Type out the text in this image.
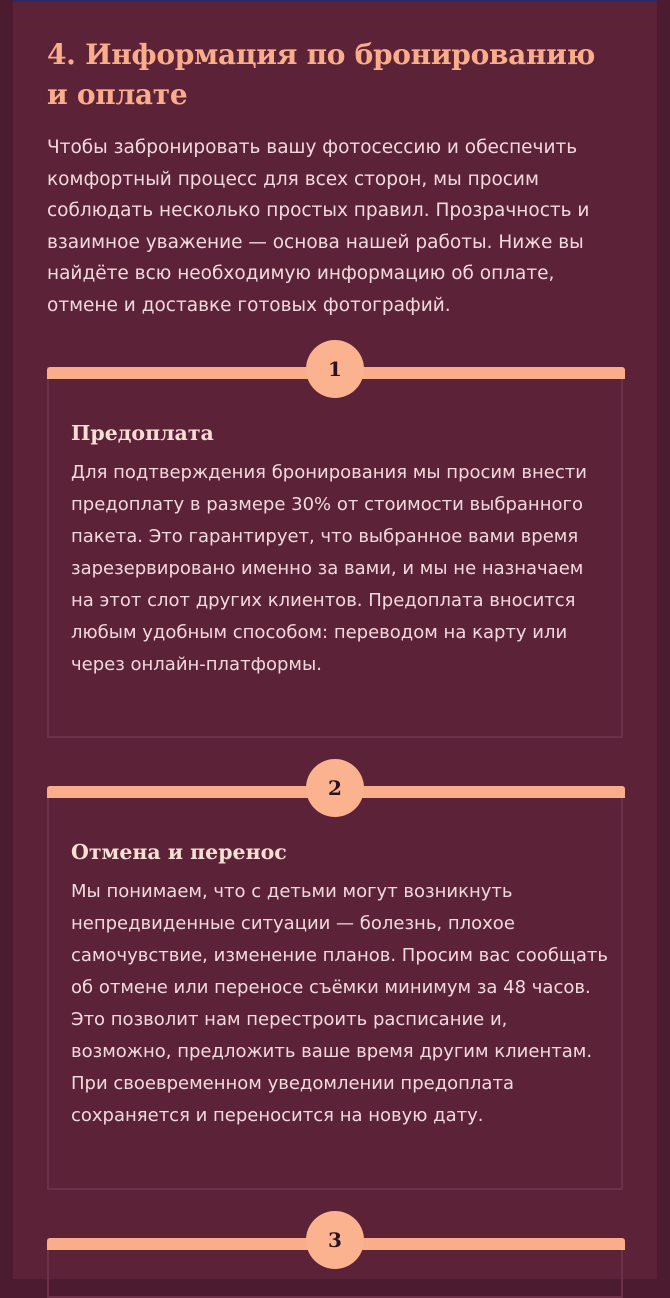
4. Информация по бронированию и оплате

Чтобы забронировать вашу фотосессию и обеспечить комфортный процесс для всех сторон, мы просим соблюдать несколько простых правил. Прозрачность и взаимное уважение — основа нашей работы. Ниже вы найдёте всю необходимую информацию об оплате, отмене и доставке готовых фотографий.

1
Предоплата

Для подтверждения бронирования мы просим внести предоплату в размере 30% от стоимости выбранного пакета. Это гарантирует, что выбранное вами время зарезервировано именно за вами, и мы не назначаем на этот слот других клиентов. Предоплата вносится любым удобным способом: переводом на карту или через онлайн-платформы.

2
Отмена и перенос

Мы понимаем, что с детьми могут возникнуть непредвиденные ситуации — болезнь, плохое самочувствие, изменение планов. Просим вас сообщать об отмене или переносе съёмки минимум за 48 часов. Это позволит нам перестроить расписание и, возможно, предложить ваше время другим клиентам. При своевременном уведомлении предоплата сохраняется и переносится на новую дату.

3
